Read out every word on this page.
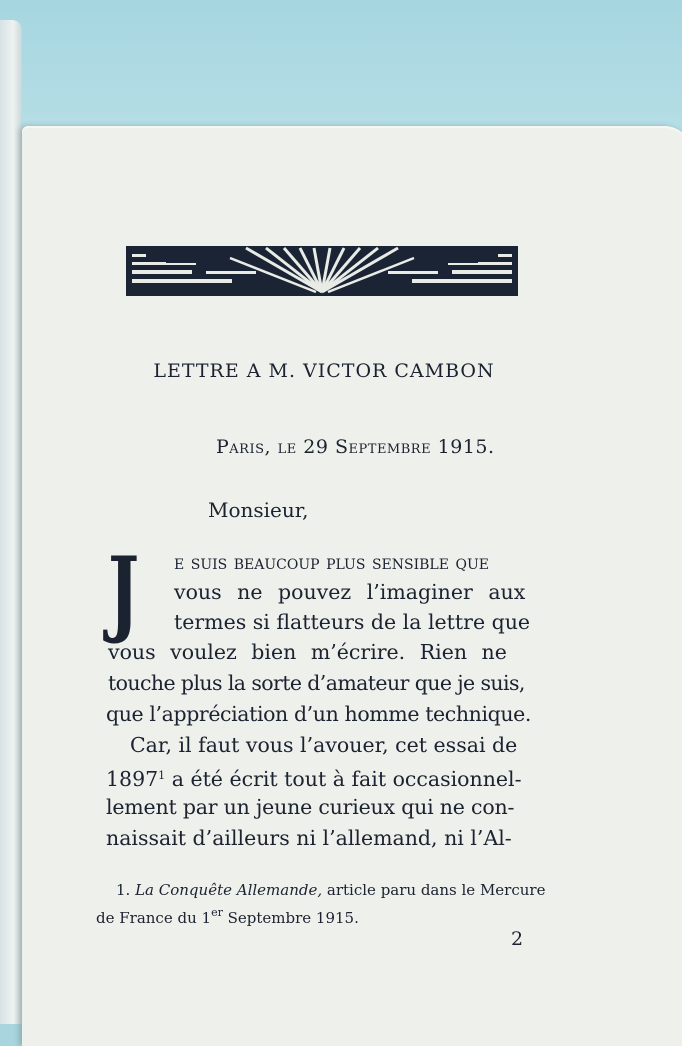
LETTRE A M. VICTOR CAMBON
Paris, le 29 Septembre 1915.
Monsieur,
J e suis beaucoup plus sensible que
vous ne pouvez l’imaginer aux
termes si flatteurs de la lettre que
vous voulez bien m’écrire. Rien ne
touche plus la sorte d’amateur que je suis,
que l’appréciation d’un homme technique.
Car, il faut vous l’avouer, cet essai de
1897$^1$ a été écrit tout à fait occasionnel-
lement par un jeune curieux qui ne con-
naissait d’ailleurs ni l’allemand, ni l’Al-
1. La Conquête Allemande, article paru dans le Mercure
de France du 1er Septembre 1915.
2
